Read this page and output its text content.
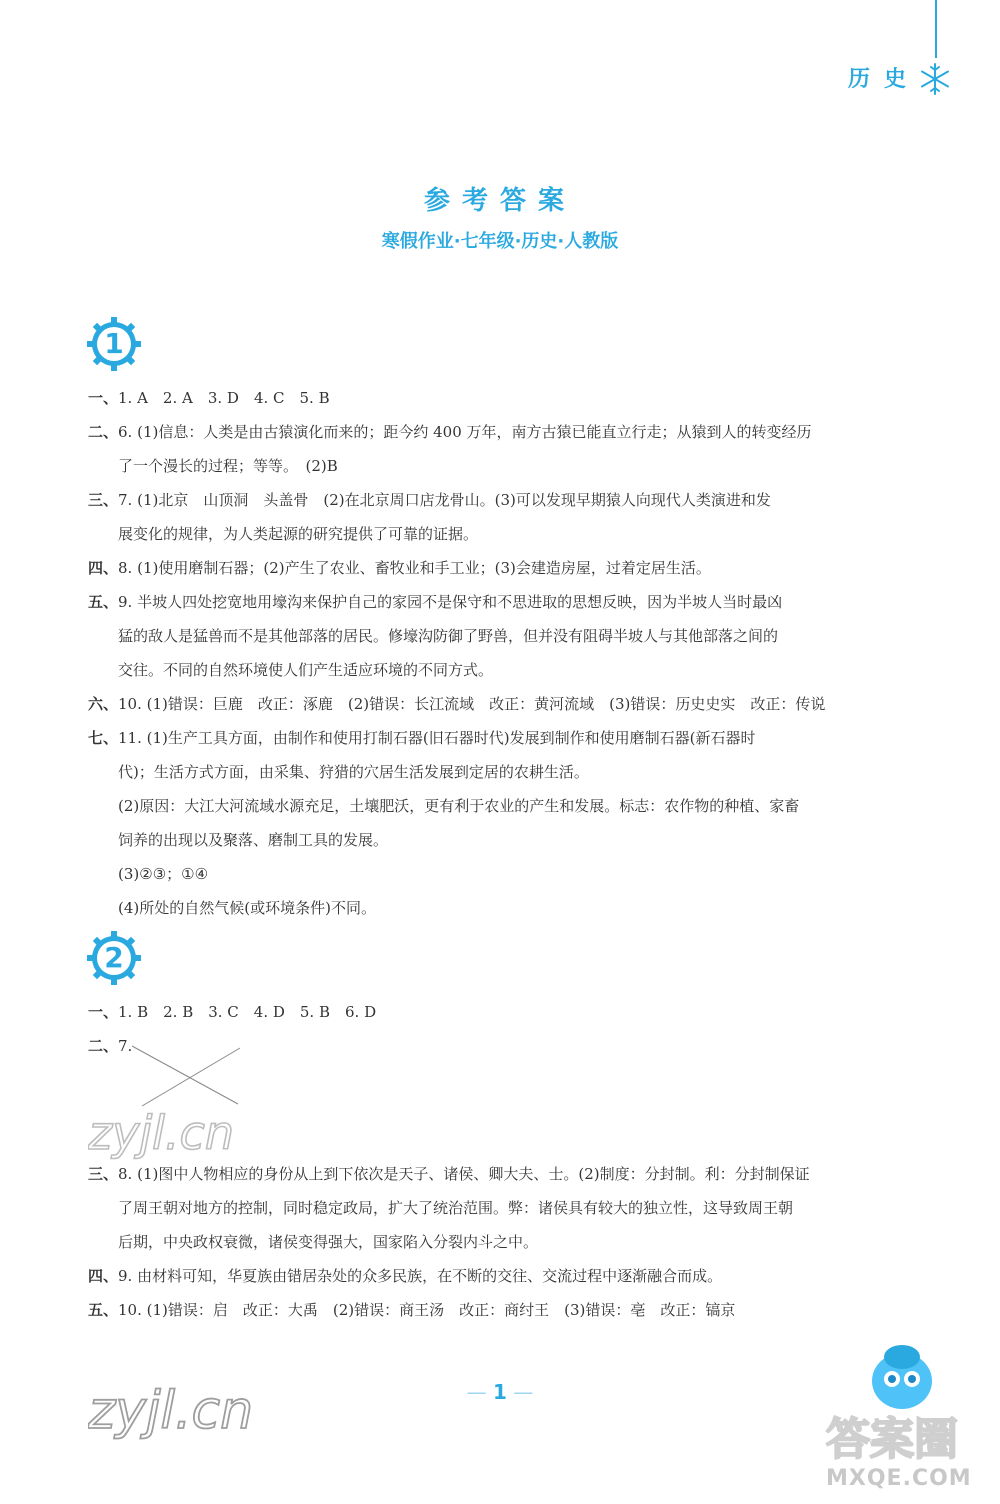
历史
参考答案
寒假作业·七年级·历史·人教版
1
一、1. A　2. A　3. D　4. C　5. B
二、6. (1)信息：人类是由古猿演化而来的；距今约 400 万年，南方古猿已能直立行走；从猿到人的转变经历
了一个漫长的过程；等等。　(2)B
三、7. (1)北京　山顶洞　头盖骨　(2)在北京周口店龙骨山。(3)可以发现早期猿人向现代人类演进和发
展变化的规律，为人类起源的研究提供了可靠的证据。
四、8. (1)使用磨制石器；(2)产生了农业、畜牧业和手工业；(3)会建造房屋，过着定居生活。
五、9. 半坡人四处挖宽地用壕沟来保护自己的家园不是保守和不思进取的思想反映，因为半坡人当时最凶
猛的敌人是猛兽而不是其他部落的居民。修壕沟防御了野兽，但并没有阻碍半坡人与其他部落之间的
交往。不同的自然环境使人们产生适应环境的不同方式。
六、10. (1)错误：巨鹿　改正：涿鹿　(2)错误：长江流域　改正：黄河流域　(3)错误：历史史实　改正：传说
七、11. (1)生产工具方面，由制作和使用打制石器(旧石器时代)发展到制作和使用磨制石器(新石器时
代)；生活方式方面，由采集、狩猎的穴居生活发展到定居的农耕生活。
(2)原因：大江大河流域水源充足，土壤肥沃，更有利于农业的产生和发展。标志：农作物的种植、家畜
饲养的出现以及聚落、磨制工具的发展。
(3)②③；①④
(4)所处的自然气候(或环境条件)不同。
2
一、1. B　2. B　3. C　4. D　5. B　6. D
二、7.
zyjl.cn
三、8. (1)图中人物相应的身份从上到下依次是天子、诸侯、卿大夫、士。(2)制度：分封制。利：分封制保证
了周王朝对地方的控制，同时稳定政局，扩大了统治范围。弊：诸侯具有较大的独立性，这导致周王朝
后期，中央政权衰微，诸侯变得强大，国家陷入分裂内斗之中。
四、9. 由材料可知，华夏族由错居杂处的众多民族，在不断的交往、交流过程中逐渐融合而成。
五、10. (1)错误：启　改正：大禹　(2)错误：商王汤　改正：商纣王　(3)错误：亳　改正：镐京
zyjl.cn	— 1 —
答案圈
MXQE.COM
